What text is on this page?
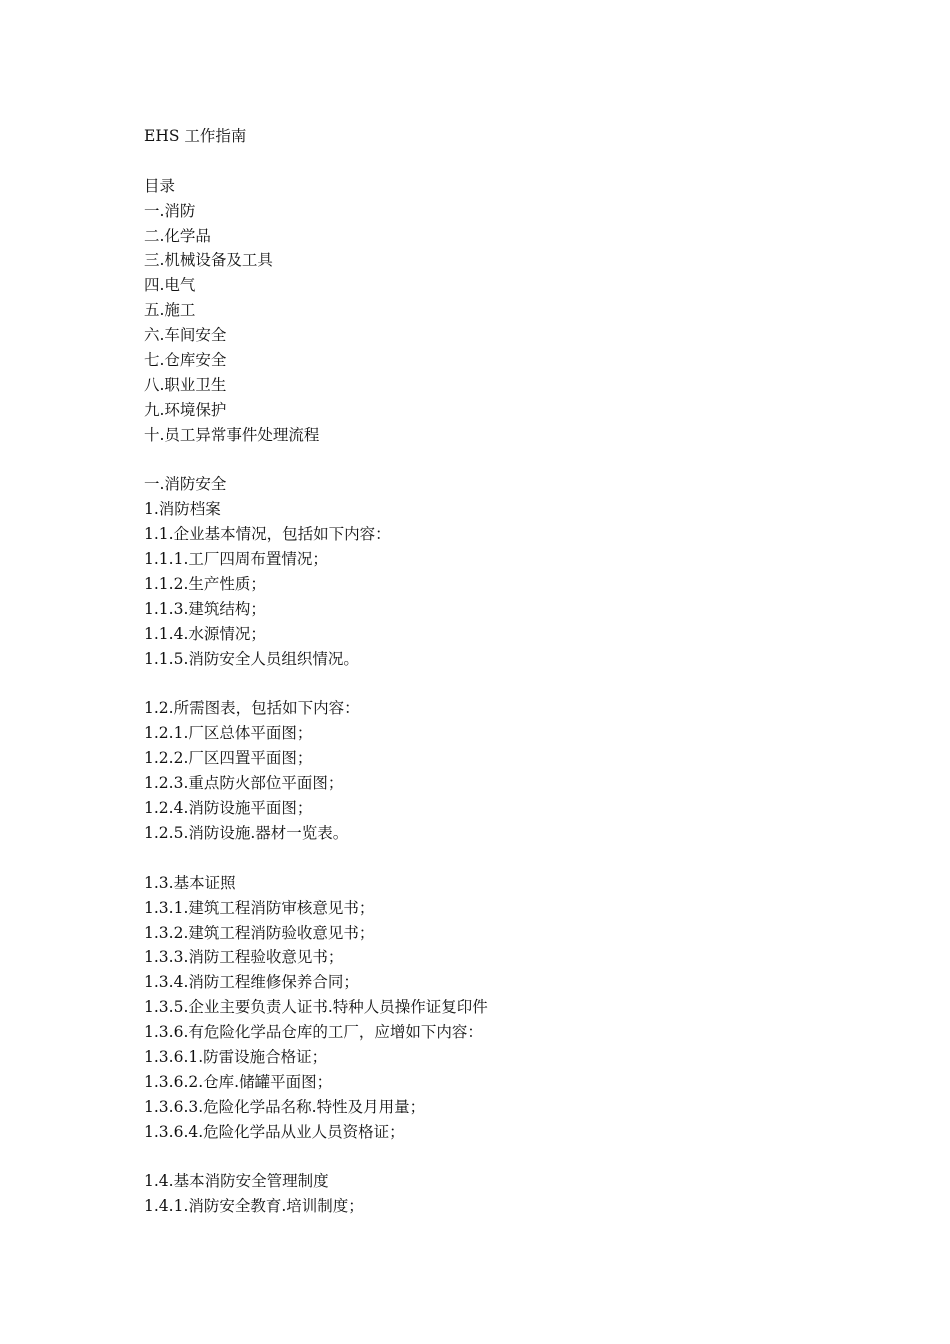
EHS 工作指南
目录
一.消防
二.化学品
三.机械设备及工具
四.电气
五.施工
六.车间安全
七.仓库安全
八.职业卫生
九.环境保护
十.员工异常事件处理流程
一.消防安全
1.消防档案
1.1.企业基本情况，包括如下内容：
1.1.1.工厂四周布置情况；
1.1.2.生产性质；
1.1.3.建筑结构；
1.1.4.水源情况；
1.1.5.消防安全人员组织情况。
1.2.所需图表，包括如下内容：
1.2.1.厂区总体平面图；
1.2.2.厂区四置平面图；
1.2.3.重点防火部位平面图；
1.2.4.消防设施平面图；
1.2.5.消防设施.器材一览表。
1.3.基本证照
1.3.1.建筑工程消防审核意见书；
1.3.2.建筑工程消防验收意见书；
1.3.3.消防工程验收意见书；
1.3.4.消防工程维修保养合同；
1.3.5.企业主要负责人证书.特种人员操作证复印件
1.3.6.有危险化学品仓库的工厂，应增如下内容：
1.3.6.1.防雷设施合格证；
1.3.6.2.仓库.储罐平面图；
1.3.6.3.危险化学品名称.特性及月用量；
1.3.6.4.危险化学品从业人员资格证；
1.4.基本消防安全管理制度
1.4.1.消防安全教育.培训制度；
